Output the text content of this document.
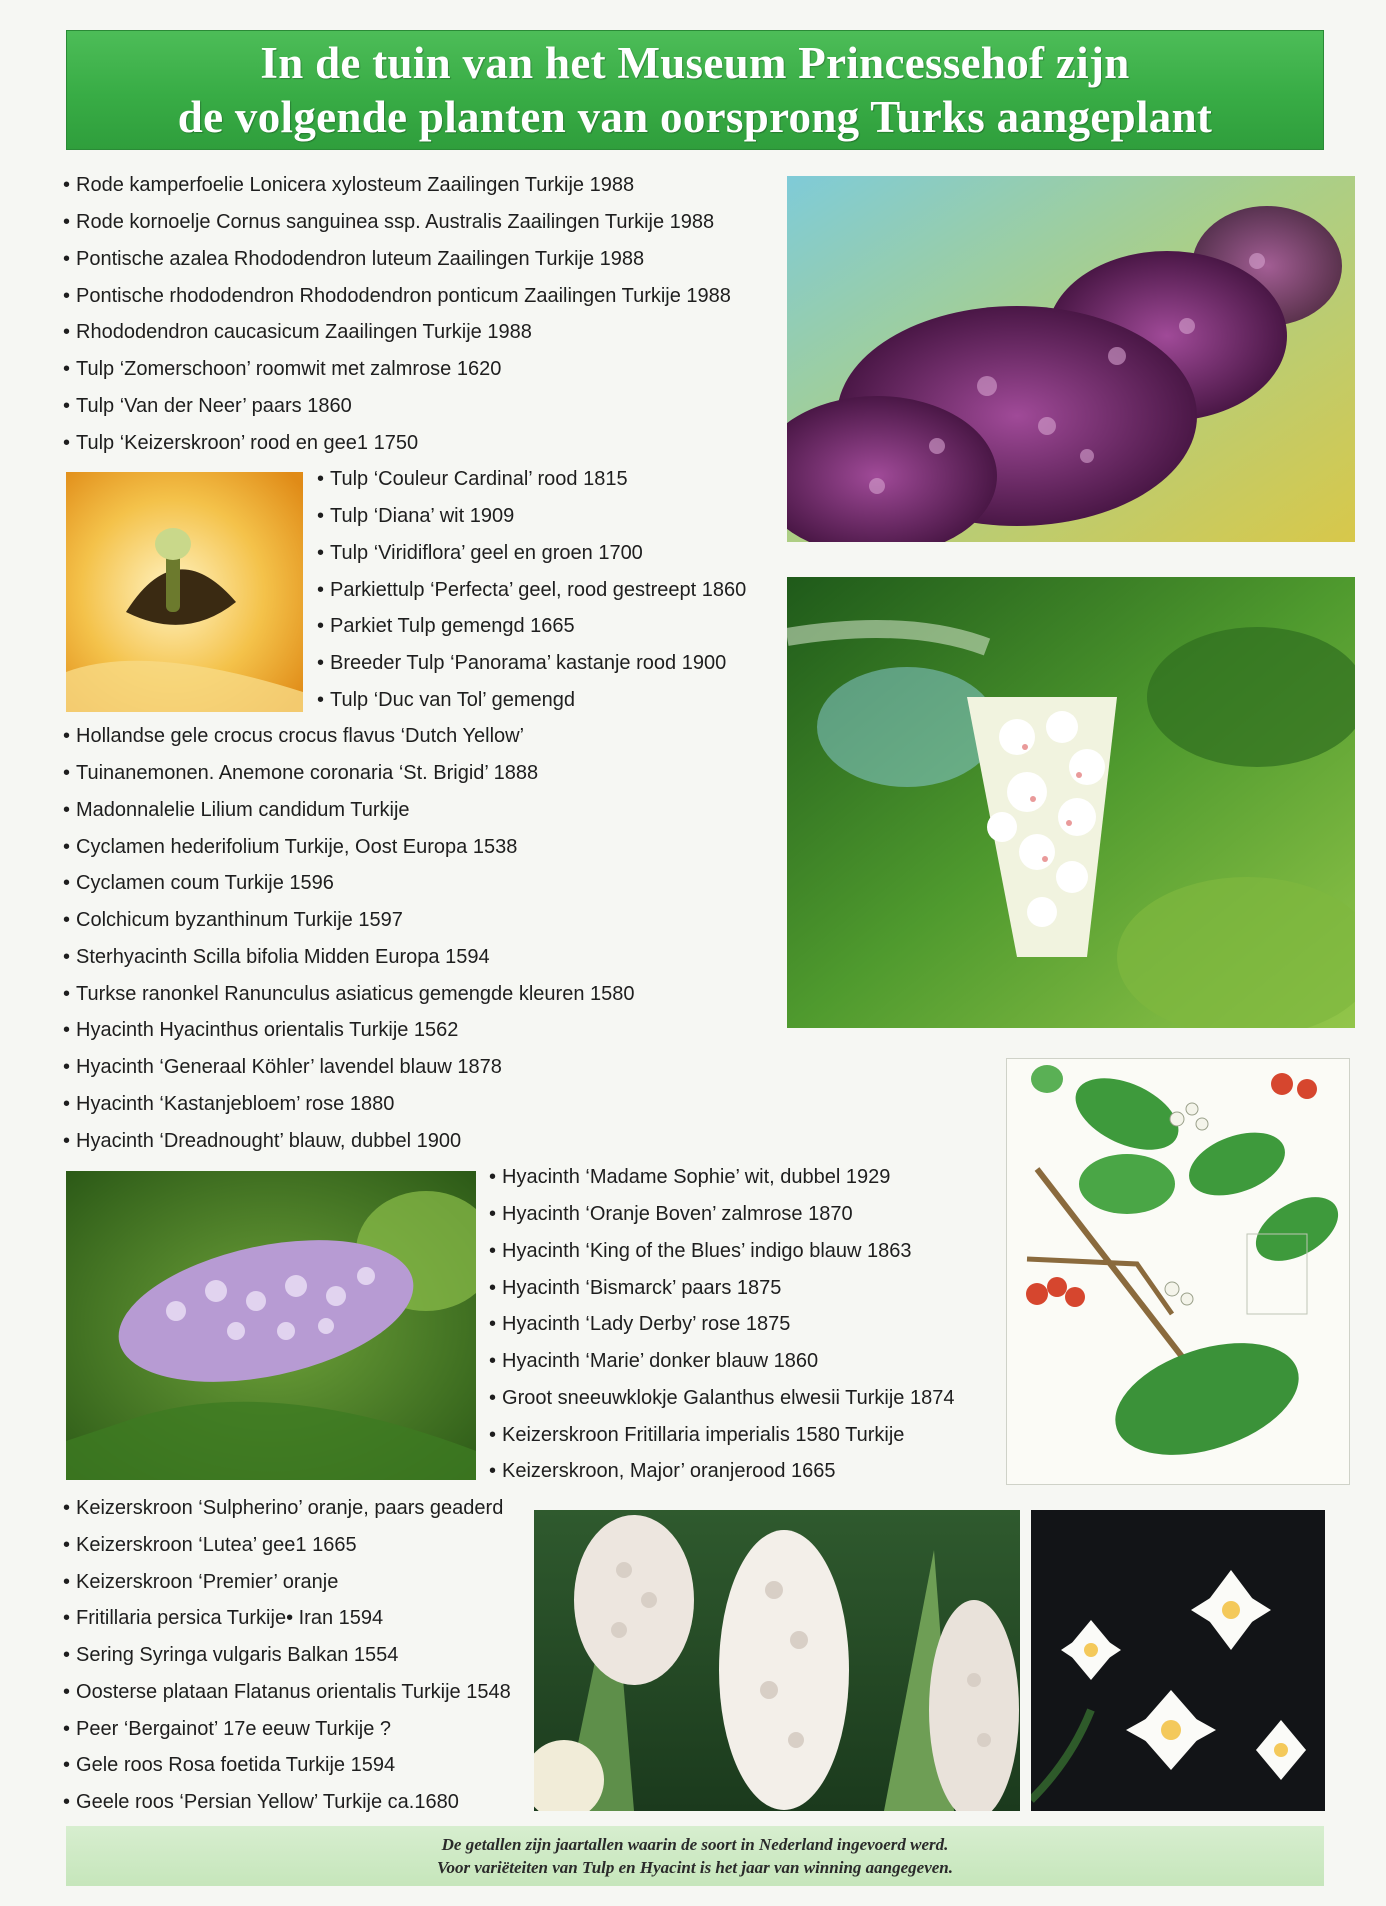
In de tuin van het Museum Princessehof zijn
de volgende planten van oorsprong Turks aangeplant
• Rode kamperfoelie Lonicera xylosteum Zaailingen Turkije 1988
• Rode kornoelje Cornus sanguinea ssp. Australis Zaailingen Turkije 1988
• Pontische azalea Rhododendron luteum Zaailingen Turkije 1988
• Pontische rhododendron Rhododendron ponticum Zaailingen Turkije 1988
• Rhododendron caucasicum Zaailingen Turkije 1988
• Tulp ‘Zomerschoon’ roomwit met zalmrose 1620
• Tulp ‘Van der Neer’ paars 1860
• Tulp ‘Keizerskroon’ rood en gee1 1750
• Tulp ‘Couleur Cardinal’ rood 1815
• Tulp ‘Diana’ wit 1909
• Tulp ‘Viridiflora’ geel en groen 1700
• Parkiettulp ‘Perfecta’ geel, rood gestreept 1860
• Parkiet Tulp gemengd 1665
• Breeder Tulp ‘Panorama’ kastanje rood 1900
• Tulp ‘Duc van Tol’ gemengd
• Hollandse gele crocus crocus flavus ‘Dutch Yellow’
• Tuinanemonen. Anemone coronaria ‘St. Brigid’ 1888
• Madonnalelie Lilium candidum Turkije
• Cyclamen hederifolium Turkije, Oost Europa 1538
• Cyclamen coum Turkije 1596
• Colchicum byzanthinum Turkije 1597
• Sterhyacinth Scilla bifolia Midden Europa 1594
• Turkse ranonkel Ranunculus asiaticus gemengde kleuren 1580
• Hyacinth Hyacinthus orientalis Turkije 1562
• Hyacinth ‘Generaal Köhler’ lavendel blauw 1878
• Hyacinth ‘Kastanjebloem’ rose 1880
• Hyacinth ‘Dreadnought’ blauw, dubbel 1900
• Hyacinth ‘Madame Sophie’ wit, dubbel 1929
• Hyacinth ‘Oranje Boven’ zalmrose 1870
• Hyacinth ‘King of the Blues’ indigo blauw 1863
• Hyacinth ‘Bismarck’ paars 1875
• Hyacinth ‘Lady Derby’ rose 1875
• Hyacinth ‘Marie’ donker blauw 1860
• Groot sneeuwklokje Galanthus elwesii Turkije 1874
• Keizerskroon Fritillaria imperialis 1580 Turkije
• Keizerskroon, Major’ oranjerood 1665
• Keizerskroon ‘Sulpherino’ oranje, paars geaderd
• Keizerskroon ‘Lutea’ gee1 1665
• Keizerskroon ‘Premier’ oranje
• Fritillaria persica Turkije• Iran 1594
• Sering Syringa vulgaris Balkan 1554
• Oosterse plataan Flatanus orientalis Turkije 1548
• Peer ‘Bergainot’ 17e eeuw Turkije ?
• Gele roos Rosa foetida Turkije 1594
• Geele roos ‘Persian Yellow’ Turkije ca.1680
De getallen zijn jaartallen waarin de soort in Nederland ingevoerd werd.
Voor variëteiten van Tulp en Hyacint is het jaar van winning aangegeven.
